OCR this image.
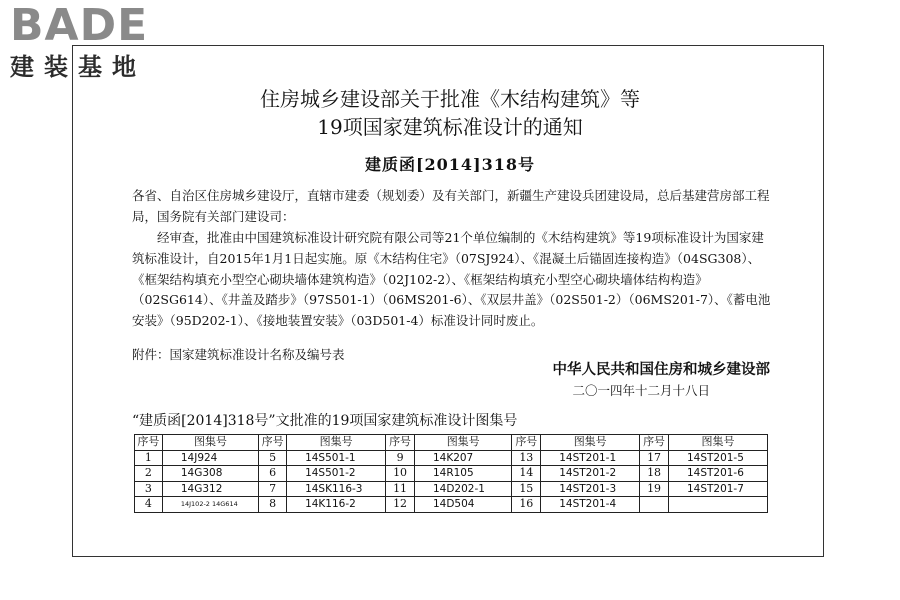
BADE
建装基地
住房城乡建设部关于批准《木结构建筑》等
19项国家建筑标准设计的通知
建质函[2014]318号
各省、自治区住房城乡建设厅，直辖市建委（规划委）及有关部门，新疆生产建设兵团建设局，总后基建营房部工程局，国务院有关部门建设司：
经审查，批准由中国建筑标准设计研究院有限公司等21个单位编制的《木结构建筑》等19项标准设计为国家建筑标准设计，自2015年1月1日起实施。原《木结构住宅》（07SJ924）、《混凝土后锚固连接构造》（04SG308）、《框架结构填充小型空心砌块墙体建筑构造》（02J102-2）、《框架结构填充小型空心砌块墙体结构构造》（02SG614）、《井盖及踏步》（97S501-1）（06MS201-6）、《双层井盖》（02S501-2）（06MS201-7）、《蓄电池安装》（95D202-1）、《接地装置安装》（03D501-4）标准设计同时废止。
附件：国家建筑标准设计名称及编号表
中华人民共和国住房和城乡建设部
二〇一四年十二月十八日
“建质函[2014]318号”文批准的19项国家建筑标准设计图集号
序号	图集号	序号	图集号	序号	图集号	序号	图集号	序号	图集号
1	14J924	5	14S501-1	9	14K207	13	14ST201-1	17	14ST201-5
2	14G308	6	14S501-2	10	14R105	14	14ST201-2	18	14ST201-6
3	14G312	7	14SK116-3	11	14D202-1	15	14ST201-3	19	14ST201-7
4	14J102-2 14G614	8	14K116-2	12	14D504	16	14ST201-4		
